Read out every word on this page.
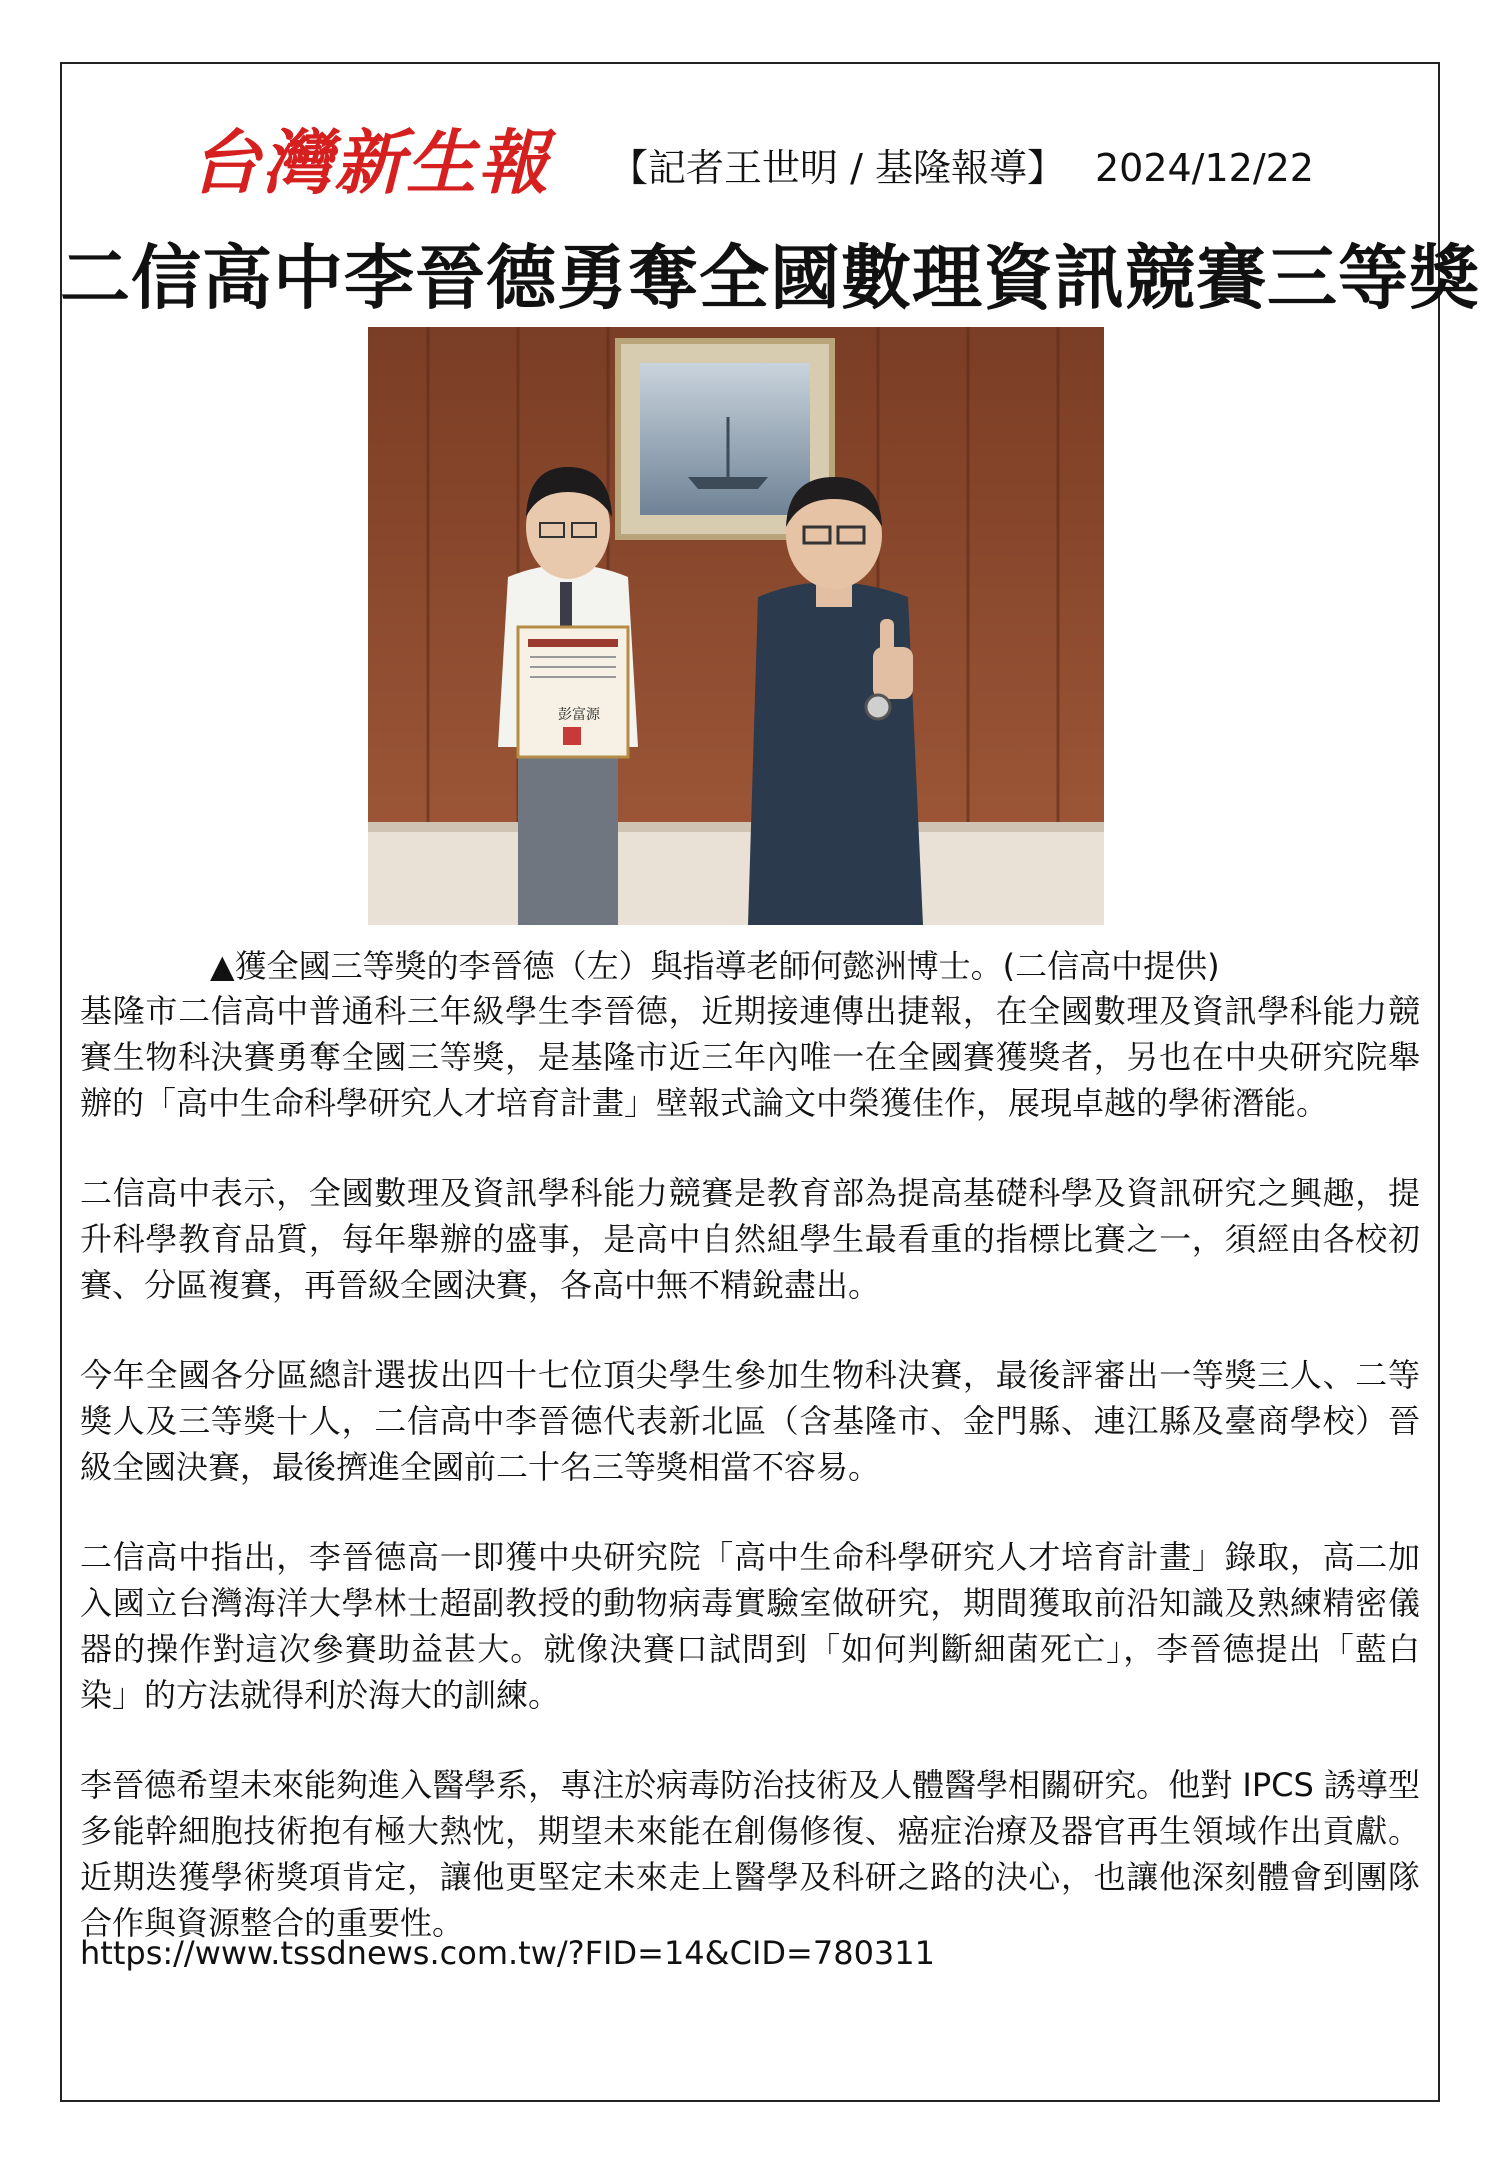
台灣新生報 【記者王世明 / 基隆報導】 2024/12/22
二信高中李晉德勇奪全國數理資訊競賽三等獎
彭富源
▲獲全國三等獎的李晉德（左）與指導老師何懿洲博士。(二信高中提供)

基隆市二信高中普通科三年級學生李晉德，近期接連傳出捷報，在全國數理及資訊學科能力競賽生物科決賽勇奪全國三等獎，是基隆市近三年內唯一在全國賽獲獎者，另也在中央研究院舉辦的「高中生命科學研究人才培育計畫」壁報式論文中榮獲佳作，展現卓越的學術潛能。

二信高中表示，全國數理及資訊學科能力競賽是教育部為提高基礎科學及資訊研究之興趣，提升科學教育品質，每年舉辦的盛事，是高中自然組學生最看重的指標比賽之一，須經由各校初賽、分區複賽，再晉級全國決賽，各高中無不精銳盡出。

今年全國各分區總計選拔出四十七位頂尖學生參加生物科決賽，最後評審出一等獎三人、二等獎人及三等獎十人，二信高中李晉德代表新北區（含基隆市、金門縣、連江縣及臺商學校）晉級全國決賽，最後擠進全國前二十名三等獎相當不容易。

二信高中指出，李晉德高一即獲中央研究院「高中生命科學研究人才培育計畫」錄取，高二加入國立台灣海洋大學林士超副教授的動物病毒實驗室做研究，期間獲取前沿知識及熟練精密儀器的操作對這次參賽助益甚大。就像決賽口試問到「如何判斷細菌死亡」，李晉德提出「藍白染」的方法就得利於海大的訓練。

李晉德希望未來能夠進入醫學系，專注於病毒防治技術及人體醫學相關研究。他對 IPCS 誘導型多能幹細胞技術抱有極大熱忱，期望未來能在創傷修復、癌症治療及器官再生領域作出貢獻。近期迭獲學術獎項肯定，讓他更堅定未來走上醫學及科研之路的決心，也讓他深刻體會到團隊合作與資源整合的重要性。

https://www.tssdnews.com.tw/?FID=14&CID=780311
